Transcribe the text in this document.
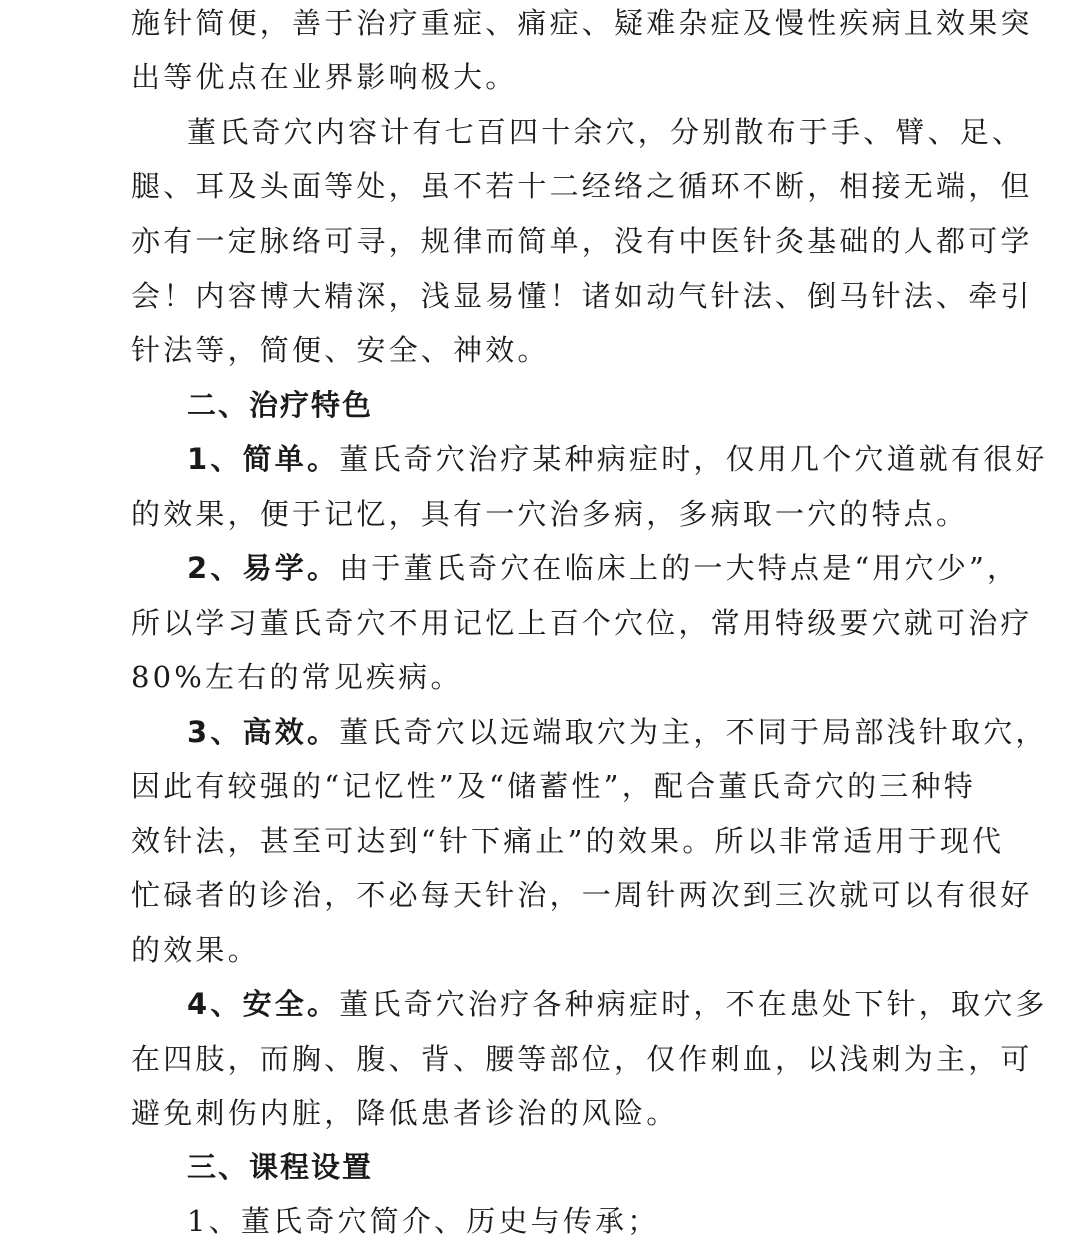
施针简便，善于治疗重症、痛症、疑难杂症及慢性疾病且效果突
出等优点在业界影响极大。
董氏奇穴内容计有七百四十余穴，分别散布于手、臂、足、
腿、耳及头面等处，虽不若十二经络之循环不断，相接无端，但
亦有一定脉络可寻，规律而简单，没有中医针灸基础的人都可学
会！内容博大精深，浅显易懂！诸如动气针法、倒马针法、牵引
针法等，简便、安全、神效。
二、治疗特色
1、简单。董氏奇穴治疗某种病症时，仅用几个穴道就有很好
的效果，便于记忆，具有一穴治多病，多病取一穴的特点。
2、易学。由于董氏奇穴在临床上的一大特点是“用穴少”，
所以学习董氏奇穴不用记忆上百个穴位，常用特级要穴就可治疗
80%左右的常见疾病。
3、高效。董氏奇穴以远端取穴为主，不同于局部浅针取穴，
因此有较强的“记忆性”及“储蓄性”，配合董氏奇穴的三种特
效针法，甚至可达到“针下痛止”的效果。所以非常适用于现代
忙碌者的诊治，不必每天针治，一周针两次到三次就可以有很好
的效果。
4、安全。董氏奇穴治疗各种病症时，不在患处下针，取穴多
在四肢，而胸、腹、背、腰等部位，仅作刺血，以浅刺为主，可
避免刺伤内脏，降低患者诊治的风险。
三、课程设置
1、董氏奇穴简介、历史与传承；
